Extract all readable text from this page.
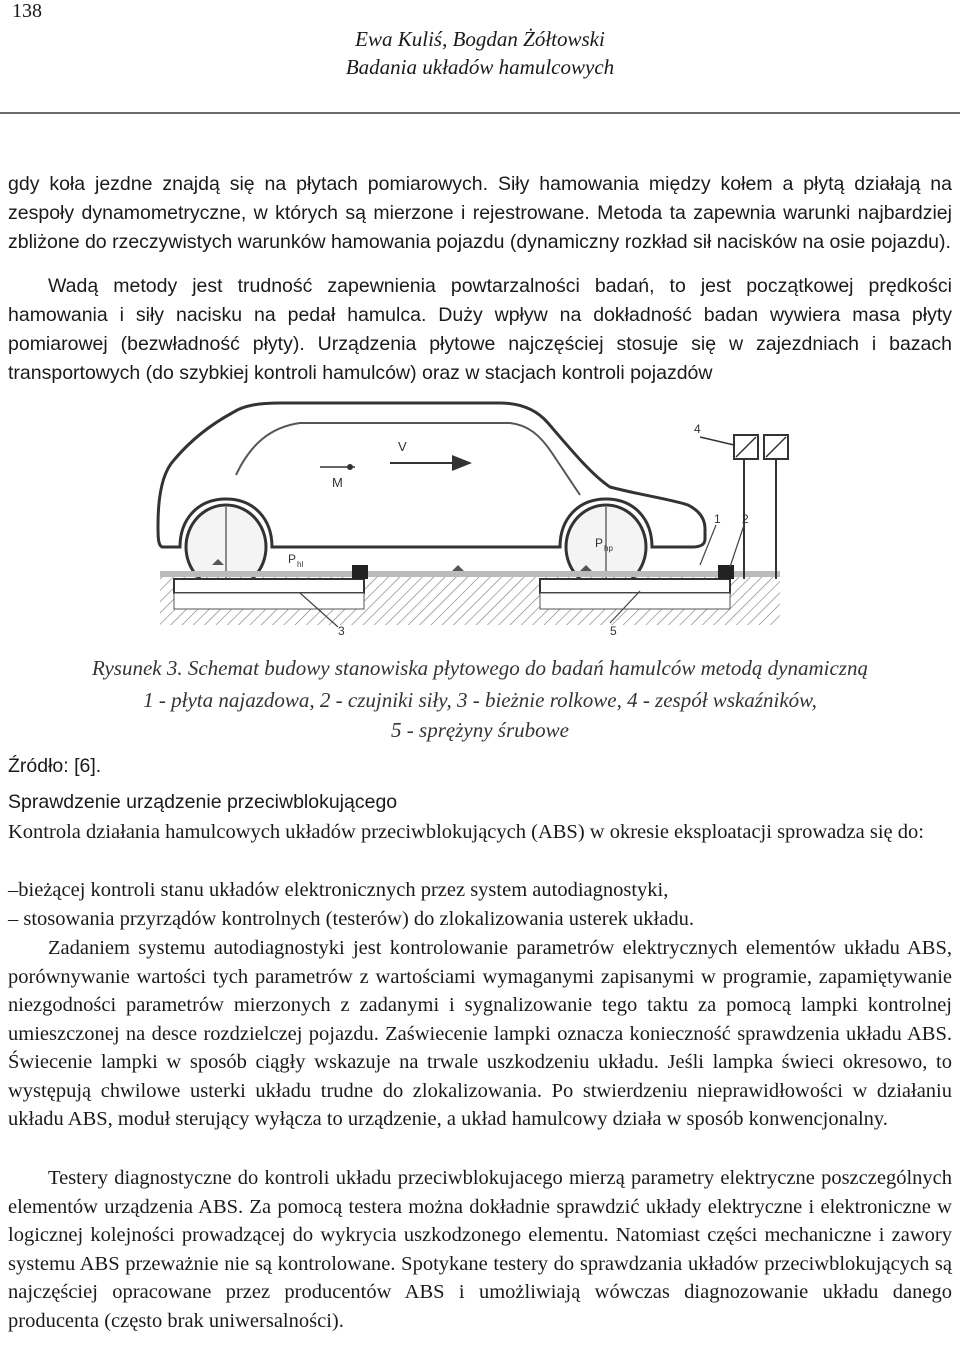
138
Ewa Kuliś, Bogdan Żółtowski
Badania układów hamulcowych

gdy koła jezdne znajdą się na płytach pomiarowych. Siły hamowania między kołem a płytą działają na zespoły dynamometryczne, w których są mierzone i rejestrowane. Metoda ta zapewnia warunki najbardziej zbliżone do rzeczywistych warunków hamowania pojazdu (dynamiczny rozkład sił nacisków na osie pojazdu).

Wadą metody jest trudność zapewnienia powtarzalności badań, to jest początkowej prędkości hamowania i siły nacisku na pedał hamulca. Duży wpływ na dokładność badan wywiera masa płyty pomiarowej (bezwładność płyty). Urządzenia płytowe najczęściej stosuje się w zajezdniach i bazach transportowych (do szybkiej kontroli hamulców) oraz w stacjach kontroli pojazdów

V
M
P hl
P hp
4
1 2
3	5
Rysunek 3. Schemat budowy stanowiska płytowego do badań hamulców metodą dynamiczną
1 - płyta najazdowa, 2 - czujniki siły, 3 - bieżnie rolkowe, 4 - zespół wskaźników,
5 - sprężyny śrubowe
Źródło: [6].
Sprawdzenie urządzenie przeciwblokującego

Kontrola działania hamulcowych układów przeciwblokujących (ABS) w okresie eksploatacji sprowadza się do:

–bieżącej kontroli stanu układów elektronicznych przez system autodiagnostyki,
– stosowania przyrządów kontrolnych (testerów) do zlokalizowania usterek układu.

Zadaniem systemu autodiagnostyki jest kontrolowanie parametrów elektrycznych elementów układu ABS, porównywanie wartości tych parametrów z wartościami wymaganymi zapisanymi w programie, zapamiętywanie niezgodności parametrów mierzonych z zadanymi i sygnalizowanie tego taktu za pomocą lampki kontrolnej umieszczonej na desce rozdzielczej pojazdu. Zaświecenie lampki oznacza konieczność sprawdzenia układu ABS. Świecenie lampki w sposób ciągły wskazuje na trwale uszkodzeniu układu. Jeśli lampka świeci okresowo, to występują chwilowe usterki układu trudne do zlokalizowania. Po stwierdzeniu nieprawidłowości w działaniu układu ABS, moduł sterujący wyłącza to urządzenie, a układ hamulcowy działa w sposób konwencjonalny.

Testery diagnostyczne do kontroli układu przeciwblokujacego mierzą parametry elektryczne poszczególnych elementów urządzenia ABS. Za pomocą testera można dokładnie sprawdzić układy elektryczne i elektroniczne w logicznej kolejności prowadzącej do wykrycia uszkodzonego elementu. Natomiast części mechaniczne i zawory systemu ABS przeważnie nie są kontrolowane. Spotykane testery do sprawdzania układów przeciwblokujących są najczęściej opracowane przez producentów ABS i umożliwiają wówczas diagnozowanie układu danego producenta (często brak uniwersalności).
